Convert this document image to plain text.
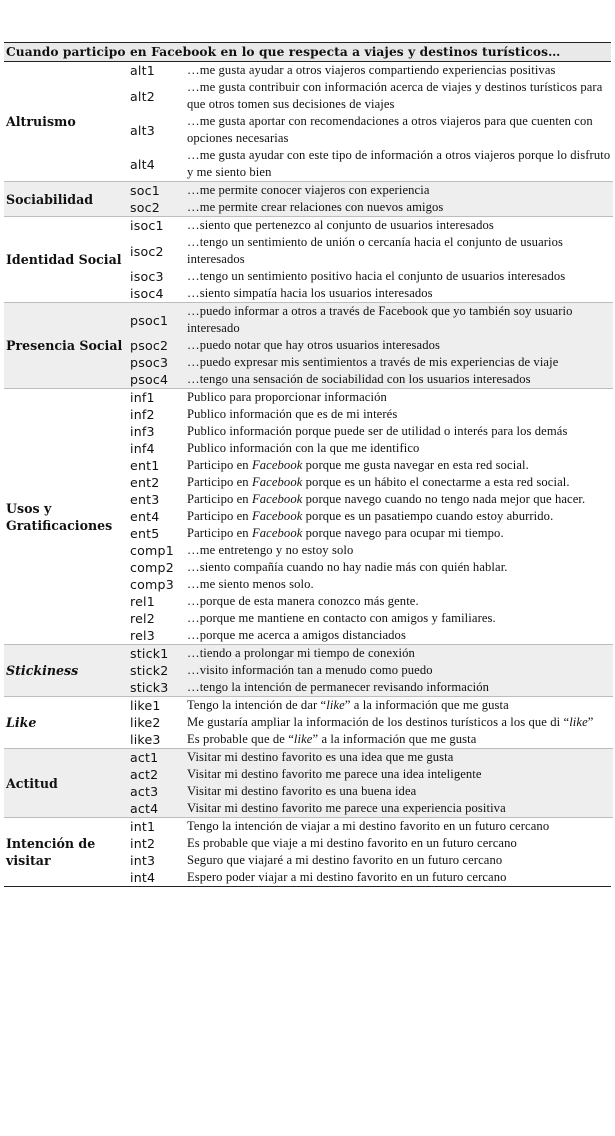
Cuando participo en Facebook en lo que respecta a viajes y destinos turísticos…
Altruismo	alt1	…me gusta ayudar a otros viajeros compartiendo experiencias positivas
	alt2	…me gusta contribuir con información acerca de viajes y destinos turísticos para que otros tomen sus decisiones de viajes
	alt3	…me gusta aportar con recomendaciones a otros viajeros para que cuenten con opciones necesarias
	alt4	…me gusta ayudar con este tipo de información a otros viajeros porque lo disfruto y me siento bien
Sociabilidad	soc1	…me permite conocer viajeros con experiencia
	soc2	…me permite crear relaciones con nuevos amigos
Identidad Social	isoc1	…siento que pertenezco al conjunto de usuarios interesados
	isoc2	…tengo un sentimiento de unión o cercanía hacia el conjunto de usuarios interesados
	isoc3	…tengo un sentimiento positivo hacia el conjunto de usuarios interesados
	isoc4	…siento simpatía hacia los usuarios interesados
Presencia Social	psoc1	…puedo informar a otros a través de Facebook que yo también soy usuario interesado
	psoc2	…puedo notar que hay otros usuarios interesados
	psoc3	…puedo expresar mis sentimientos a través de mis experiencias de viaje
	psoc4	…tengo una sensación de sociabilidad con los usuarios interesados
Usos y Gratificaciones	inf1	Publico para proporcionar información
	inf2	Publico información que es de mi interés
	inf3	Publico información porque puede ser de utilidad o interés para los demás
	inf4	Publico información con la que me identifico
	ent1	Participo en Facebook porque me gusta navegar en esta red social.
	ent2	Participo en Facebook porque es un hábito el conectarme a esta red social.
	ent3	Participo en Facebook porque navego cuando no tengo nada mejor que hacer.
	ent4	Participo en Facebook porque es un pasatiempo cuando estoy aburrido.
	ent5	Participo en Facebook porque navego para ocupar mi tiempo.
	comp1	…me entretengo y no estoy solo
	comp2	…siento compañía cuando no hay nadie más con quién hablar.
	comp3	…me siento menos solo.
	rel1	…porque de esta manera conozco más gente.
	rel2	…porque me mantiene en contacto con amigos y familiares.
	rel3	…porque me acerca a amigos distanciados
Stickiness	stick1	…tiendo a prolongar mi tiempo de conexión
	stick2	…visito información tan a menudo como puedo
	stick3	…tengo la intención de permanecer revisando información
Like	like1	Tengo la intención de dar “like” a la información que me gusta
	like2	Me gustaría ampliar la información de los destinos turísticos a los que di “like”
	like3	Es probable que de “like” a la información que me gusta
Actitud	act1	Visitar mi destino favorito es una idea que me gusta
	act2	Visitar mi destino favorito me parece una idea inteligente
	act3	Visitar mi destino favorito es una buena idea
	act4	Visitar mi destino favorito me parece una experiencia positiva
Intención de visitar	int1	Tengo la intención de viajar a mi destino favorito en un futuro cercano
	int2	Es probable que viaje a mi destino favorito en un futuro cercano
	int3	Seguro que viajaré a mi destino favorito en un futuro cercano
	int4	Espero poder viajar a mi destino favorito en un futuro cercano
